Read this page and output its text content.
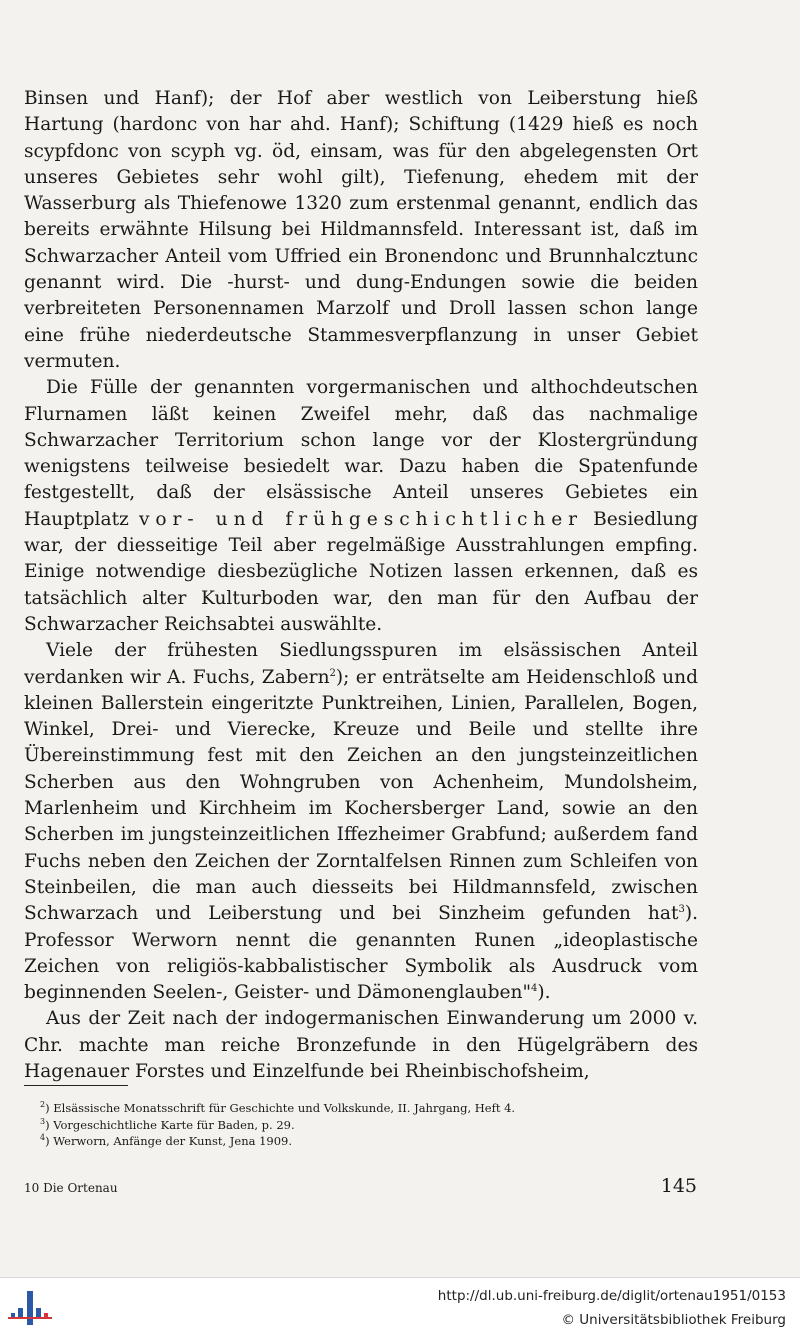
Binsen und Hanf); der Hof aber westlich von Leiberstung hieß Hartung (hardonc von har ahd. Hanf); Schiftung (1429 hieß es noch scypfdonc von scyph vg. öd, einsam, was für den abgelegensten Ort unseres Gebietes sehr wohl gilt), Tiefenung, ehedem mit der Wasserburg als Thiefenowe 1320 zum erstenmal genannt, endlich das bereits erwähnte Hilsung bei Hildmannsfeld. Interessant ist, daß im Schwarzacher Anteil vom Uffried ein Bronendonc und Brunnhalcztunc genannt wird. Die -hurst- und dung-Endungen sowie die beiden verbreiteten Personennamen Marzolf und Droll lassen schon lange eine frühe niederdeutsche Stammesverpflanzung in unser Gebiet vermuten.

Die Fülle der genannten vorgermanischen und althochdeutschen Flurnamen läßt keinen Zweifel mehr, daß das nachmalige Schwarzacher Territorium schon lange vor der Klostergründung wenigstens teilweise besiedelt war. Dazu haben die Spatenfunde festgestellt, daß der elsässische Anteil unseres Gebietes ein Hauptplatz vor- und frühgeschichtlicher Besiedlung war, der diesseitige Teil aber regelmäßige Ausstrahlungen empfing. Einige notwendige diesbezügliche Notizen lassen erkennen, daß es tatsächlich alter Kulturboden war, den man für den Aufbau der Schwarzacher Reichsabtei auswählte.

Viele der frühesten Siedlungsspuren im elsässischen Anteil verdanken wir A. Fuchs, Zabern$^2$); er enträtselte am Heidenschloß und kleinen Ballerstein eingeritzte Punktreihen, Linien, Parallelen, Bogen, Winkel, Drei- und Vierecke, Kreuze und Beile und stellte ihre Übereinstimmung fest mit den Zeichen an den jungsteinzeitlichen Scherben aus den Wohngruben von Achenheim, Mundolsheim, Marlenheim und Kirchheim im Kochersberger Land, sowie an den Scherben im jungsteinzeitlichen Iffezheimer Grabfund; außerdem fand Fuchs neben den Zeichen der Zorntalfelsen Rinnen zum Schleifen von Steinbeilen, die man auch diesseits bei Hildmannsfeld, zwischen Schwarzach und Leiberstung und bei Sinzheim gefunden hat$^3$). Professor Werworn nennt die genannten Runen „ideoplastische Zeichen von religiös-kabbalistischer Symbolik als Ausdruck vom beginnenden Seelen-, Geister- und Dämonenglauben"$^4$).

Aus der Zeit nach der indogermanischen Einwanderung um 2000 v. Chr. machte man reiche Bronzefunde in den Hügelgräbern des Hagenauer Forstes und Einzelfunde bei Rheinbischofsheim,

$^2$) Elsässische Monatsschrift für Geschichte und Volkskunde, II. Jahrgang, Heft 4.
$^3$) Vorgeschichtliche Karte für Baden, p. 29.
$^4$) Werworn, Anfänge der Kunst, Jena 1909.
10 Die Ortenau	145
http://dl.ub.uni-freiburg.de/diglit/ortenau1951/0153
© Universitätsbibliothek Freiburg
